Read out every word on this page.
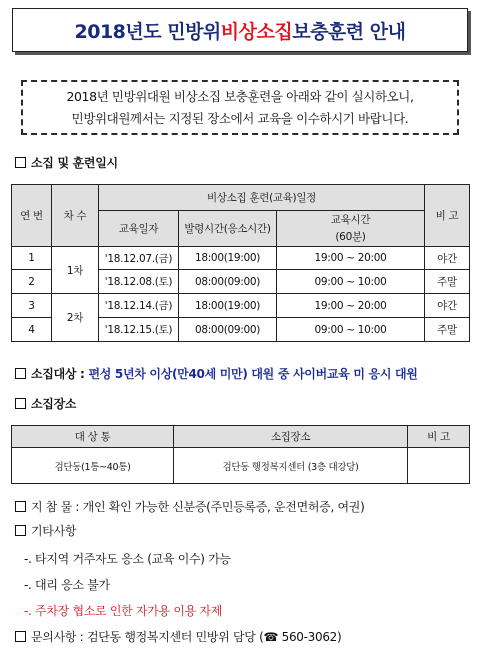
2018년도 민방위 비상소집 보충훈련 안내
2018년 민방위대원 비상소집 보충훈련을 아래와 같이 실시하오니,
민방위대원께서는 지정된 장소에서 교육을 이수하시기 바랍니다.
소집 및 훈련일시
연 번	차 수	비상소집 훈련(교육)일정			비 고
		교육일자	발령시간(응소시간)	교육시간
(60분)	

1	1차	'18.12.07.(금)	18:00(19:00)	19:00 ~ 20:00	야간
2		'18.12.08.(토)	08:00(09:00)	09:00 ~ 10:00	주말
3	2차	'18.12.14.(금)	18:00(19:00)	19:00 ~ 20:00	야간
4		'18.12.15.(토)	08:00(09:00)	09:00 ~ 10:00	주말
소집대상 : 편성 5년차 이상(만40세 미만) 대원 중 사이버교육 미 응시 대원
소집장소
대 상 통	소집장소	비 고
검단동(1통~40통)	검단동 행정복지센터 (3층 대강당)	
지 참 물 : 개인 확인 가능한 신분증(주민등록증, 운전면허증, 여권)
기타사항
-. 타지역 거주자도 응소 (교육 이수) 가능
-. 대리 응소 불가
-. 주차장 협소로 인한 자가용 이용 자제
문의사항 : 검단동 행정복지센터 민방위 담당 (☎ 560-3062)
